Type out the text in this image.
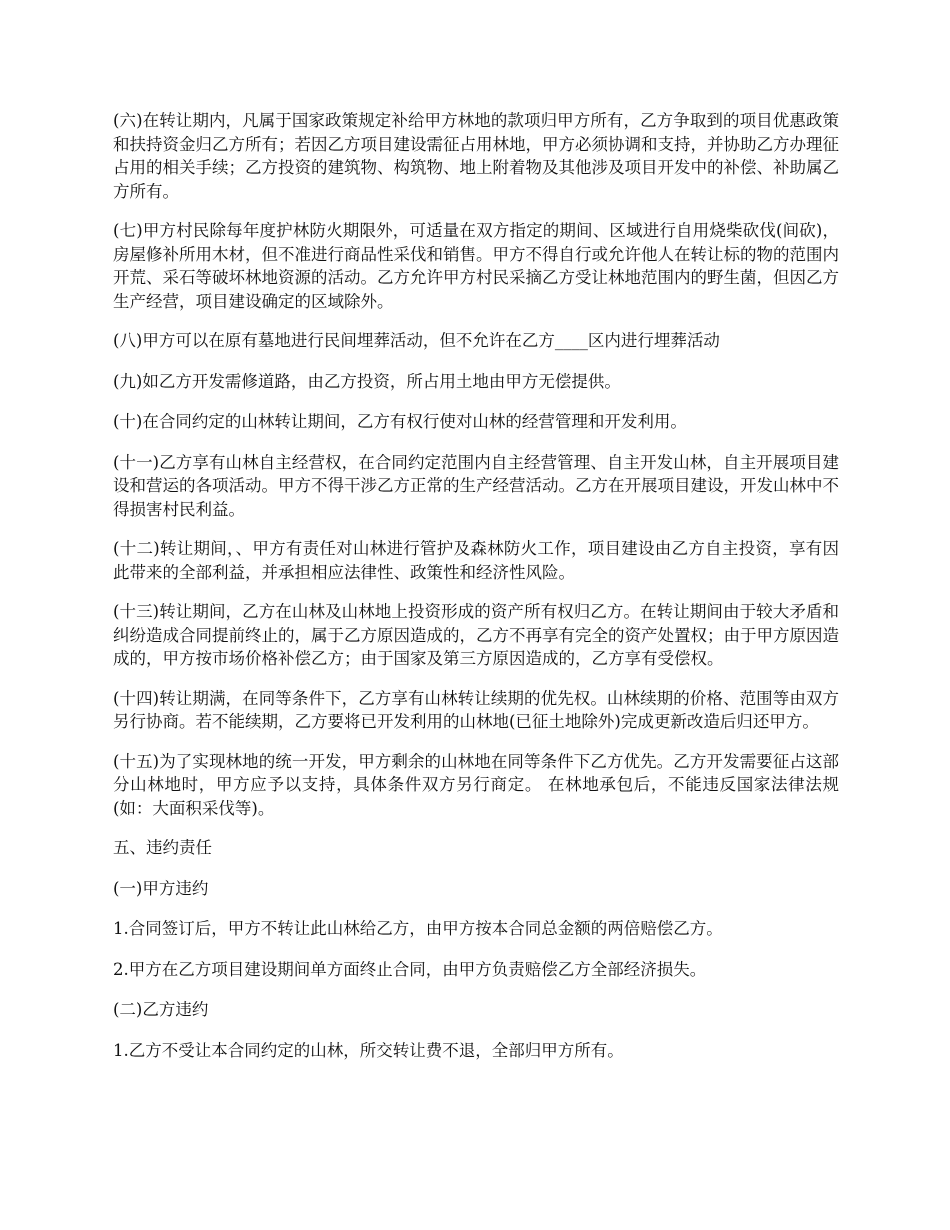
(六)在转让期内，凡属于国家政策规定补给甲方林地的款项归甲方所有，乙方争取到的项目优惠政策和扶持资金归乙方所有；若因乙方项目建设需征占用林地，甲方必须协调和支持，并协助乙方办理征占用的相关手续；乙方投资的建筑物、构筑物、地上附着物及其他涉及项目开发中的补偿、补助属乙方所有。

(七)甲方村民除每年度护林防火期限外，可适量在双方指定的期间、区域进行自用烧柴砍伐(间砍)，房屋修补所用木材，但不准进行商品性采伐和销售。甲方不得自行或允许他人在转让标的物的范围内开荒、采石等破坏林地资源的活动。乙方允许甲方村民采摘乙方受让林地范围内的野生菌，但因乙方生产经营，项目建设确定的区域除外。

(八)甲方可以在原有墓地进行民间埋葬活动，但不允许在乙方____区内进行埋葬活动

(九)如乙方开发需修道路，由乙方投资，所占用土地由甲方无偿提供。

(十)在合同约定的山林转让期间，乙方有权行使对山林的经营管理和开发利用。

(十一)乙方享有山林自主经营权，在合同约定范围内自主经营管理、自主开发山林，自主开展项目建设和营运的各项活动。甲方不得干涉乙方正常的生产经营活动。乙方在开展项目建设，开发山林中不得损害村民利益。

(十二)转让期间，、甲方有责任对山林进行管护及森林防火工作，项目建设由乙方自主投资，享有因此带来的全部利益，并承担相应法律性、政策性和经济性风险。

(十三)转让期间，乙方在山林及山林地上投资形成的资产所有权归乙方。在转让期间由于较大矛盾和纠纷造成合同提前终止的，属于乙方原因造成的，乙方不再享有完全的资产处置权；由于甲方原因造成的，甲方按市场价格补偿乙方；由于国家及第三方原因造成的，乙方享有受偿权。

(十四)转让期满，在同等条件下，乙方享有山林转让续期的优先权。山林续期的价格、范围等由双方另行协商。若不能续期，乙方要将已开发利用的山林地(已征土地除外)完成更新改造后归还甲方。

(十五)为了实现林地的统一开发，甲方剩余的山林地在同等条件下乙方优先。乙方开发需要征占这部分山林地时，甲方应予以支持，具体条件双方另行商定。 在林地承包后，不能违反国家法律法规(如：大面积采伐等)。

五、违约责任

(一)甲方违约

1.合同签订后，甲方不转让此山林给乙方，由甲方按本合同总金额的两倍赔偿乙方。

2.甲方在乙方项目建设期间单方面终止合同，由甲方负责赔偿乙方全部经济损失。

(二)乙方违约

1.乙方不受让本合同约定的山林，所交转让费不退，全部归甲方所有。
